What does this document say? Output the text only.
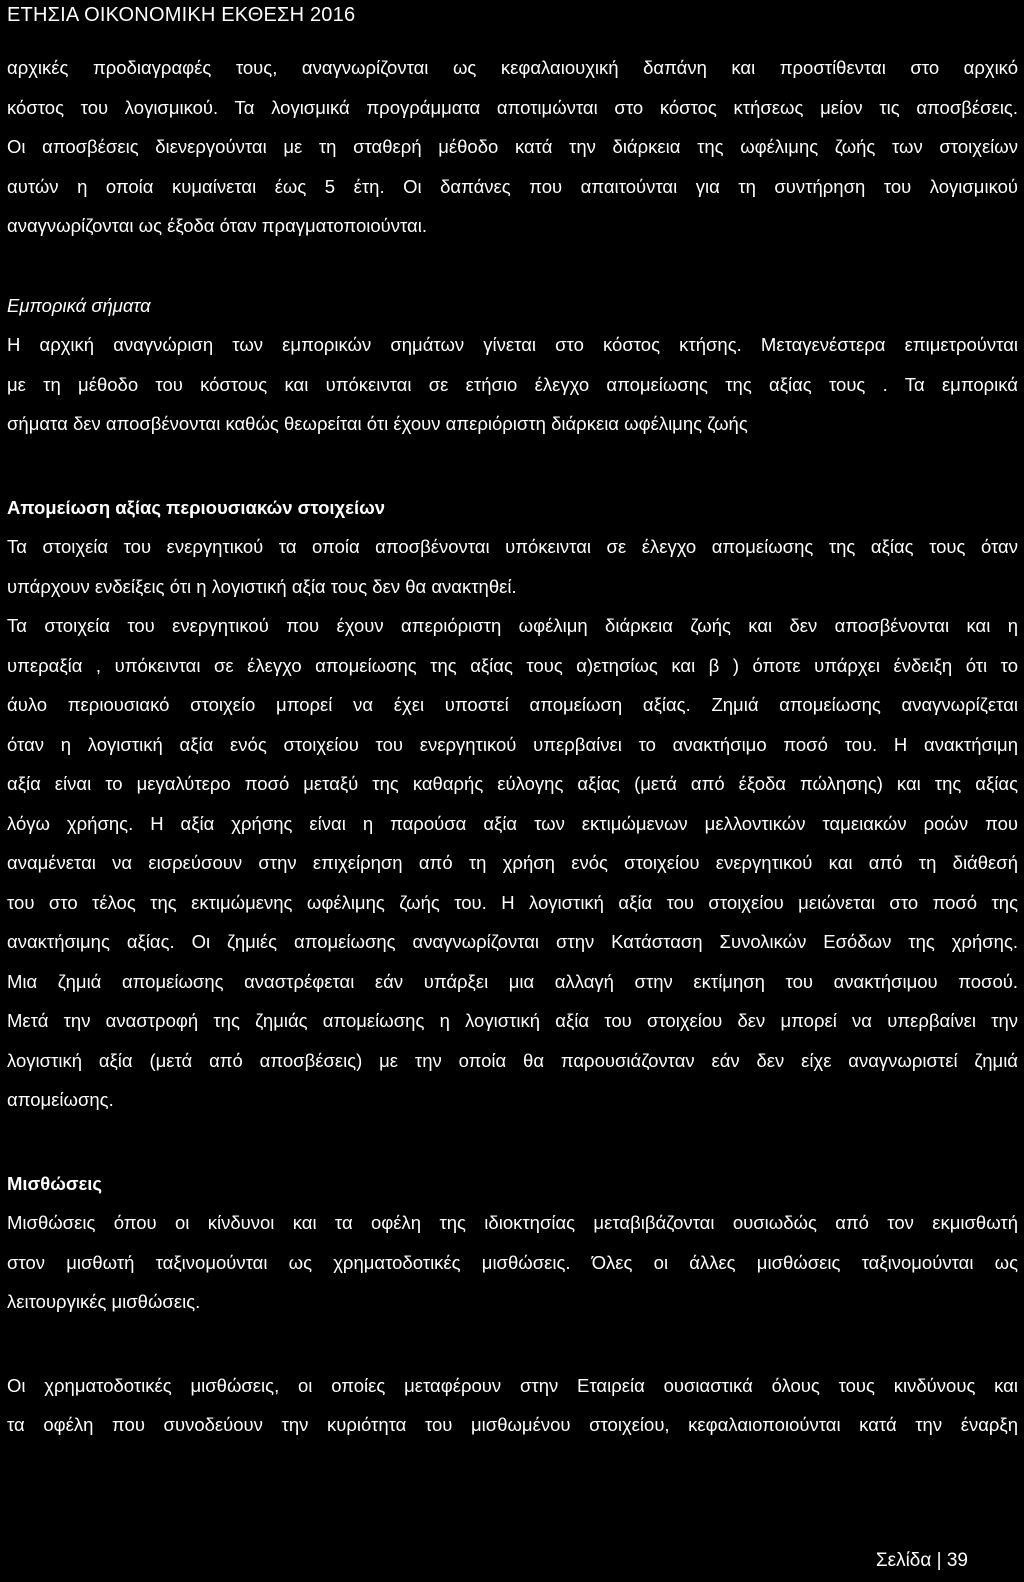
ΕΤΗΣΙΑ ΟΙΚΟΝΟΜΙΚΗ ΕΚΘΕΣΗ 2016
αρχικές προδιαγραφές τους, αναγνωρίζονται ως κεφαλαιουχική δαπάνη και προστίθενται στο αρχικό
κόστος του λογισμικού. Τα λογισμικά προγράμματα αποτιμώνται στο κόστος κτήσεως μείον τις αποσβέσεις.
Οι αποσβέσεις διενεργούνται με τη σταθερή μέθοδο κατά την διάρκεια της ωφέλιμης ζωής των στοιχείων
αυτών η οποία κυμαίνεται έως 5 έτη. Οι δαπάνες που απαιτούνται για τη συντήρηση του λογισμικού
αναγνωρίζονται ως έξοδα όταν πραγματοποιούνται.
Εμπορικά σήματα
Η αρχική αναγνώριση των εμπορικών σημάτων γίνεται στο κόστος κτήσης. Μεταγενέστερα επιμετρούνται
με τη μέθοδο του κόστους και υπόκεινται σε ετήσιο έλεγχο απομείωσης της αξίας τους . Τα εμπορικά
σήματα δεν αποσβένονται καθώς θεωρείται ότι έχουν απεριόριστη διάρκεια ωφέλιμης ζωής
Απομείωση αξίας περιουσιακών στοιχείων
Τα στοιχεία του ενεργητικού τα οποία αποσβένονται υπόκεινται σε έλεγχο απομείωσης της αξίας τους όταν
υπάρχουν ενδείξεις ότι η λογιστική αξία τους δεν θα ανακτηθεί.
Τα στοιχεία του ενεργητικού που έχουν απεριόριστη ωφέλιμη διάρκεια ζωής και δεν αποσβένονται και η
υπεραξία , υπόκεινται σε έλεγχο απομείωσης της αξίας τους α)ετησίως και β ) όποτε υπάρχει ένδειξη ότι το
άυλο περιουσιακό στοιχείο μπορεί να έχει υποστεί απομείωση αξίας. Ζημιά απομείωσης αναγνωρίζεται
όταν η λογιστική αξία ενός στοιχείου του ενεργητικού υπερβαίνει το ανακτήσιμο ποσό του. Η ανακτήσιμη
αξία είναι το μεγαλύτερο ποσό μεταξύ της καθαρής εύλογης αξίας (μετά από έξοδα πώλησης) και της αξίας
λόγω χρήσης. Η αξία χρήσης είναι η παρούσα αξία των εκτιμώμενων μελλοντικών ταμειακών ροών που
αναμένεται να εισρεύσουν στην επιχείρηση από τη χρήση ενός στοιχείου ενεργητικού και από τη διάθεσή
του στο τέλος της εκτιμώμενης ωφέλιμης ζωής του. Η λογιστική αξία του στοιχείου μειώνεται στο ποσό της
ανακτήσιμης αξίας. Οι ζημιές απομείωσης αναγνωρίζονται στην Κατάσταση Συνολικών Εσόδων της χρήσης.
Μια ζημιά απομείωσης αναστρέφεται εάν υπάρξει μια αλλαγή στην εκτίμηση του ανακτήσιμου ποσού.
Μετά την αναστροφή της ζημιάς απομείωσης η λογιστική αξία του στοιχείου δεν μπορεί να υπερβαίνει την
λογιστική αξία (μετά από αποσβέσεις) με την οποία θα παρουσιάζονταν εάν δεν είχε αναγνωριστεί ζημιά
απομείωσης.
Μισθώσεις
Μισθώσεις όπου οι κίνδυνοι και τα οφέλη της ιδιοκτησίας μεταβιβάζονται ουσιωδώς από τον εκμισθωτή
στον μισθωτή ταξινομούνται ως χρηματοδοτικές μισθώσεις. Όλες οι άλλες μισθώσεις ταξινομούνται ως
λειτουργικές μισθώσεις.
Οι χρηματοδοτικές μισθώσεις, οι οποίες μεταφέρουν στην Εταιρεία ουσιαστικά όλους τους κινδύνους και
τα οφέλη που συνοδεύουν την κυριότητα του μισθωμένου στοιχείου, κεφαλαιοποιούνται κατά την έναρξη
Σελίδα | 39
